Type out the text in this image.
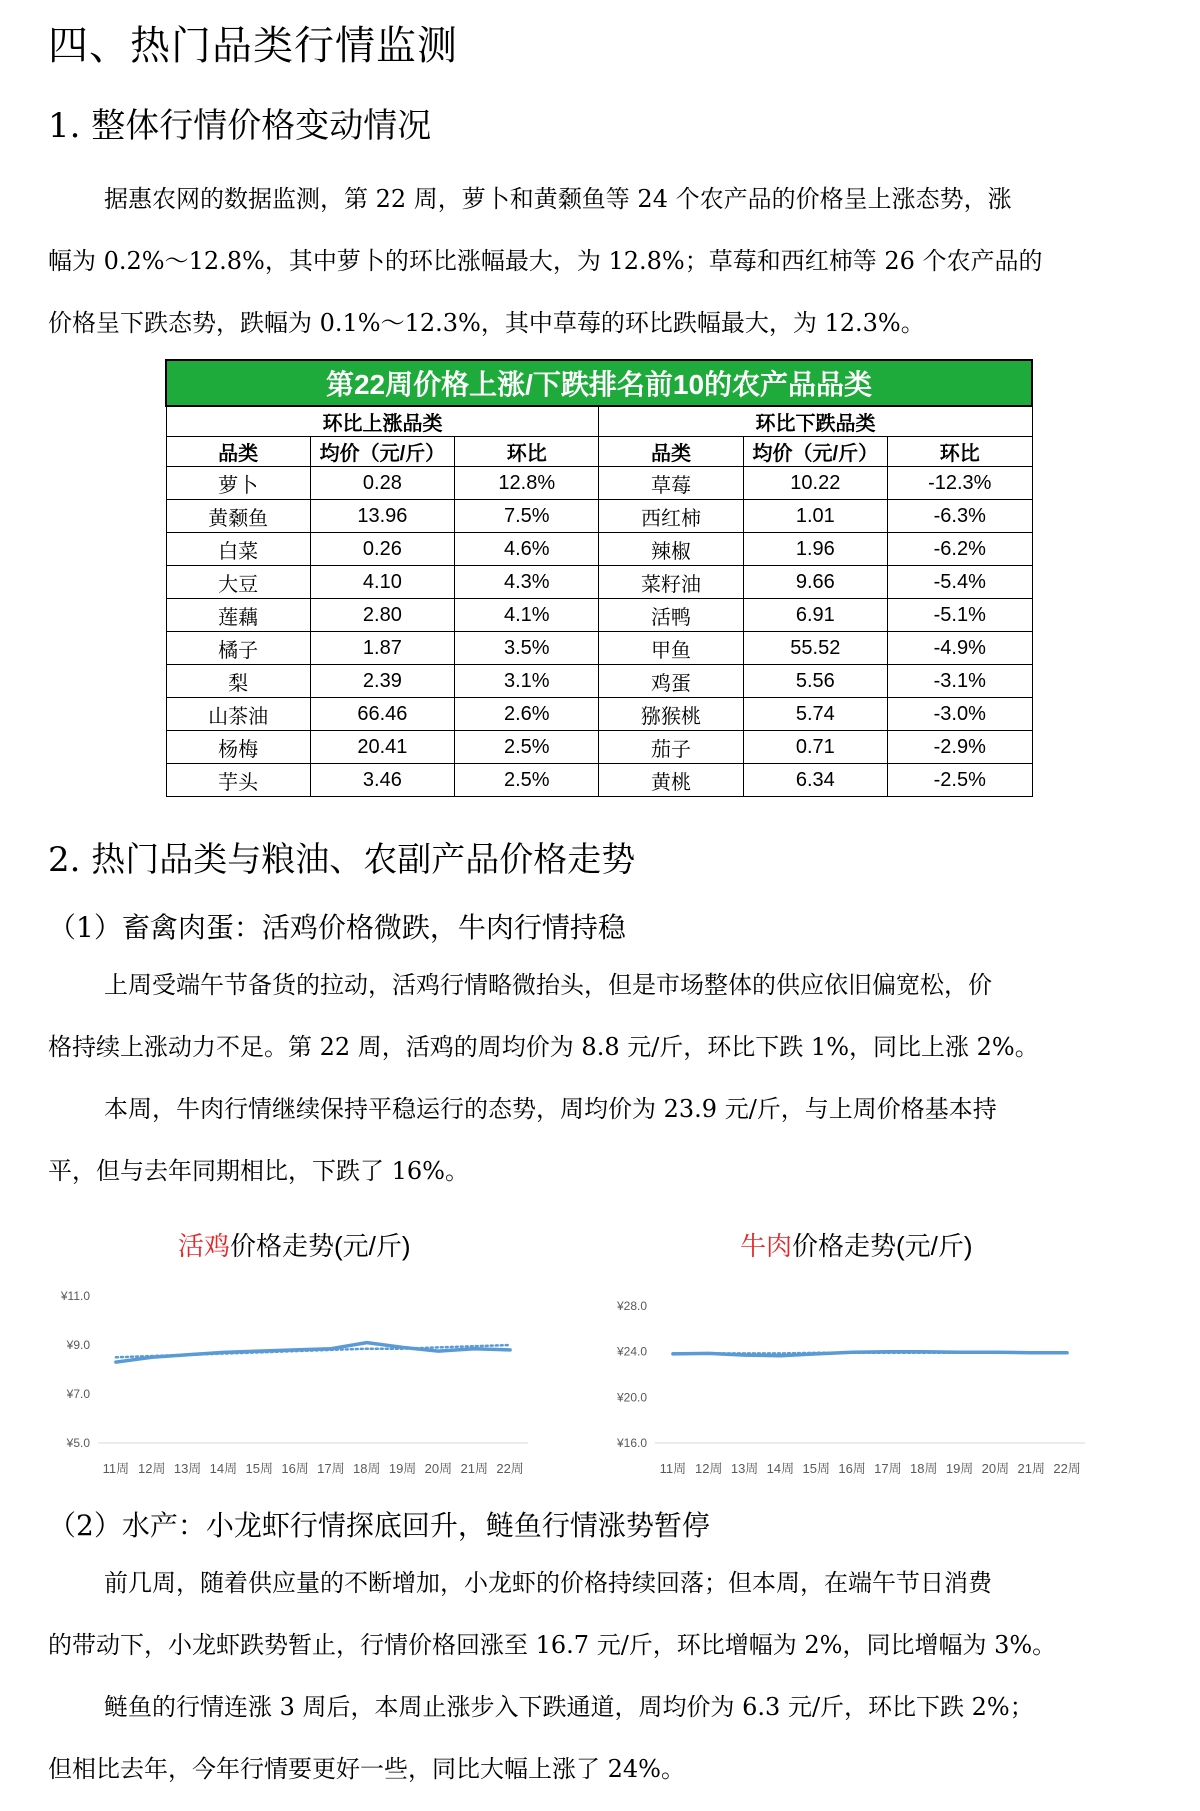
四、热门品类行情监测
1. 整体行情价格变动情况
据惠农网的数据监测，第 22 周，萝卜和黄颡鱼等 24 个农产品的价格呈上涨态势，涨
幅为 0.2%～12.8%，其中萝卜的环比涨幅最大，为 12.8%；草莓和西红柿等 26 个农产品的
价格呈下跌态势，跌幅为 0.1%～12.3%，其中草莓的环比跌幅最大，为 12.3%。
第22周价格上涨/下跌排名前10的农产品品类					
环比上涨品类			环比下跌品类		
品类	均价（元/斤）	环比	品类	均价（元/斤）	环比
萝卜	0.28	12.8%	草莓	10.22	-12.3%
黄颡鱼	13.96	7.5%	西红柿	1.01	-6.3%
白菜	0.26	4.6%	辣椒	1.96	-6.2%
大豆	4.10	4.3%	菜籽油	9.66	-5.4%
莲藕	2.80	4.1%	活鸭	6.91	-5.1%
橘子	1.87	3.5%	甲鱼	55.52	-4.9%
梨	2.39	3.1%	鸡蛋	5.56	-3.1%
山茶油	66.46	2.6%	猕猴桃	5.74	-3.0%
杨梅	20.41	2.5%	茄子	0.71	-2.9%
芋头	3.46	2.5%	黄桃	6.34	-2.5%
2. 热门品类与粮油、农副产品价格走势
（1）畜禽肉蛋：活鸡价格微跌，牛肉行情持稳
上周受端午节备货的拉动，活鸡行情略微抬头，但是市场整体的供应依旧偏宽松，价
格持续上涨动力不足。第 22 周，活鸡的周均价为 8.8 元/斤，环比下跌 1%，同比上涨 2%。
本周，牛肉行情继续保持平稳运行的态势，周均价为 23.9 元/斤，与上周价格基本持
平，但与去年同期相比，下跌了 16%。
活鸡价格走势(元/斤)
¥5.0
¥7.0
¥9.0
¥11.0
11周 12周 13周 14周 15周 16周 17周 18周 19周 20周 21周 22周
牛肉价格走势(元/斤)
¥16.0
¥20.0
¥24.0
¥28.0
11周 12周 13周 14周 15周 16周 17周 18周 19周 20周 21周 22周
（2）水产：小龙虾行情探底回升，鲢鱼行情涨势暂停
前几周，随着供应量的不断增加，小龙虾的价格持续回落；但本周，在端午节日消费
的带动下，小龙虾跌势暂止，行情价格回涨至 16.7 元/斤，环比增幅为 2%，同比增幅为 3%。
鲢鱼的行情连涨 3 周后，本周止涨步入下跌通道，周均价为 6.3 元/斤，环比下跌 2%；
但相比去年，今年行情要更好一些，同比大幅上涨了 24%。
